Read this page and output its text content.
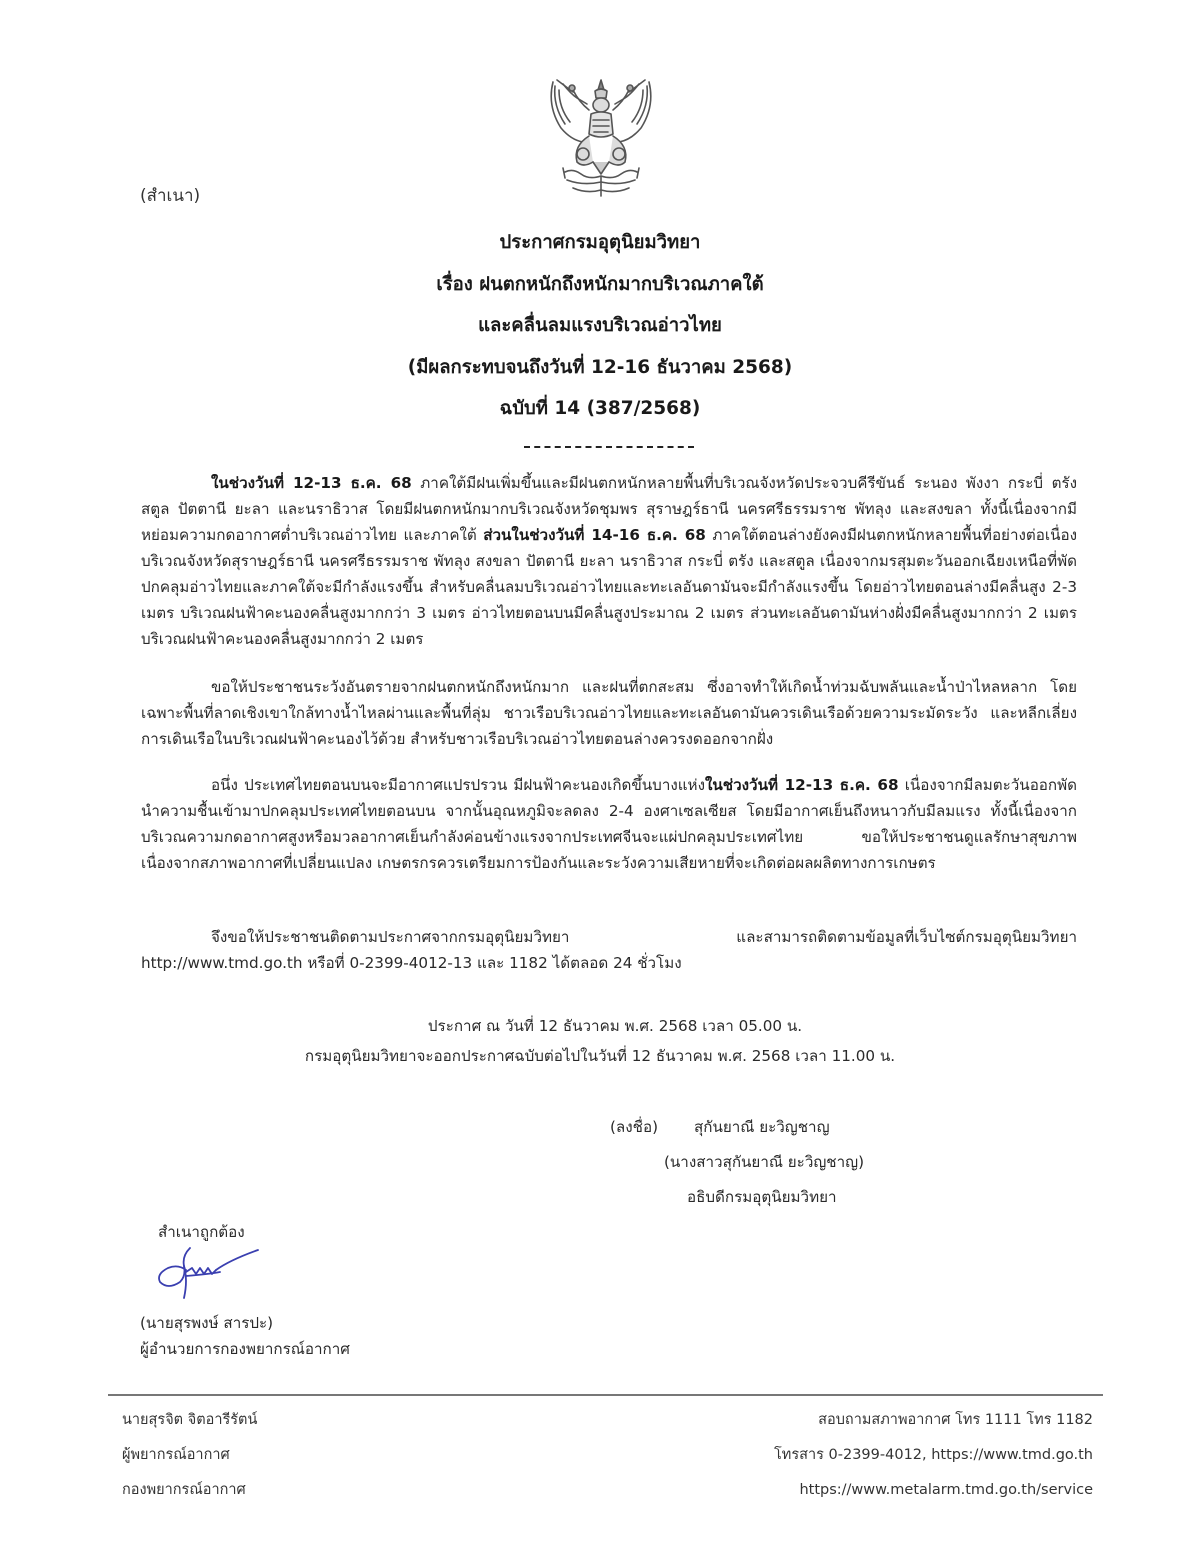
(สำเนา)
ประกาศกรมอุตุนิยมวิทยา
เรื่อง ฝนตกหนักถึงหนักมากบริเวณภาคใต้
และคลื่นลมแรงบริเวณอ่าวไทย
(มีผลกระทบจนถึงวันที่ 12-16 ธันวาคม 2568)
ฉบับที่ 14 (387/2568)
ในช่วงวันที่ 12-13 ธ.ค. 68 ภาคใต้มีฝนเพิ่มขึ้นและมีฝนตกหนักหลายพื้นที่บริเวณจังหวัดประจวบคีรีขันธ์ ระนอง พังงา กระบี่ ตรัง สตูล ปัตตานี ยะลา และนราธิวาส โดยมีฝนตกหนักมากบริเวณจังหวัดชุมพร สุราษฎร์ธานี นครศรีธรรมราช พัทลุง และสงขลา ทั้งนี้เนื่องจากมีหย่อมความกดอากาศต่ำบริเวณอ่าวไทย และภาคใต้ ส่วนในช่วงวันที่ 14-16 ธ.ค. 68 ภาคใต้ตอนล่างยังคงมีฝนตกหนักหลายพื้นที่อย่างต่อเนื่อง บริเวณจังหวัดสุราษฎร์ธานี นครศรีธรรมราช พัทลุง สงขลา ปัตตานี ยะลา นราธิวาส กระบี่ ตรัง และสตูล เนื่องจากมรสุมตะวันออกเฉียงเหนือที่พัดปกคลุมอ่าวไทยและภาคใต้จะมีกำลังแรงขึ้น สำหรับคลื่นลมบริเวณอ่าวไทยและทะเลอันดามันจะมีกำลังแรงขึ้น โดยอ่าวไทยตอนล่างมีคลื่นสูง 2-3 เมตร บริเวณฝนฟ้าคะนองคลื่นสูงมากกว่า 3 เมตร อ่าวไทยตอนบนมีคลื่นสูงประมาณ 2 เมตร ส่วนทะเลอันดามันห่างฝั่งมีคลื่นสูงมากกว่า 2 เมตร บริเวณฝนฟ้าคะนองคลื่นสูงมากกว่า 2 เมตร
ขอให้ประชาชนระวังอันตรายจากฝนตกหนักถึงหนักมาก และฝนที่ตกสะสม ซึ่งอาจทำให้เกิดน้ำท่วมฉับพลันและน้ำป่าไหลหลาก โดยเฉพาะพื้นที่ลาดเชิงเขาใกล้ทางน้ำไหลผ่านและพื้นที่ลุ่ม ชาวเรือบริเวณอ่าวไทยและทะเลอันดามันควรเดินเรือด้วยความระมัดระวัง และหลีกเลี่ยงการเดินเรือในบริเวณฝนฟ้าคะนองไว้ด้วย สำหรับชาวเรือบริเวณอ่าวไทยตอนล่างควรงดออกจากฝั่ง
อนึ่ง ประเทศไทยตอนบนจะมีอากาศแปรปรวน มีฝนฟ้าคะนองเกิดขึ้นบางแห่งในช่วงวันที่ 12-13 ธ.ค. 68 เนื่องจากมีลมตะวันออกพัดนำความชื้นเข้ามาปกคลุมประเทศไทยตอนบน จากนั้นอุณหภูมิจะลดลง 2-4 องศาเซลเซียส โดยมีอากาศเย็นถึงหนาวกับมีลมแรง ทั้งนี้เนื่องจากบริเวณความกดอากาศสูงหรือมวลอากาศเย็นกำลังค่อนข้างแรงจากประเทศจีนจะแผ่ปกคลุมประเทศไทย ขอให้ประชาชนดูแลรักษาสุขภาพเนื่องจากสภาพอากาศที่เปลี่ยนแปลง เกษตรกรควรเตรียมการป้องกันและระวังความเสียหายที่จะเกิดต่อผลผลิตทางการเกษตร
จึงขอให้ประชาชนติดตามประกาศจากกรมอุตุนิยมวิทยา และสามารถติดตามข้อมูลที่เว็บไซต์กรมอุตุนิยมวิทยา http://www.tmd.go.th หรือที่ 0-2399-4012-13 และ 1182 ได้ตลอด 24 ชั่วโมง
ประกาศ ณ วันที่ 12 ธันวาคม พ.ศ. 2568 เวลา 05.00 น.
กรมอุตุนิยมวิทยาจะออกประกาศฉบับต่อไปในวันที่ 12 ธันวาคม พ.ศ. 2568 เวลา 11.00 น.
(ลงชื่อ) สุกันยาณี ยะวิญชาญ
(นางสาวสุกันยาณี ยะวิญชาญ)
อธิบดีกรมอุตุนิยมวิทยา
สำเนาถูกต้อง
(นายสุรพงษ์ สารปะ)
ผู้อำนวยการกองพยากรณ์อากาศ
นายสุรจิต จิตอารีรัตน์
ผู้พยากรณ์อากาศ
กองพยากรณ์อากาศ
สอบถามสภาพอากาศ โทร 1111 โทร 1182
โทรสาร 0-2399-4012, https://www.tmd.go.th
https://www.metalarm.tmd.go.th/service
